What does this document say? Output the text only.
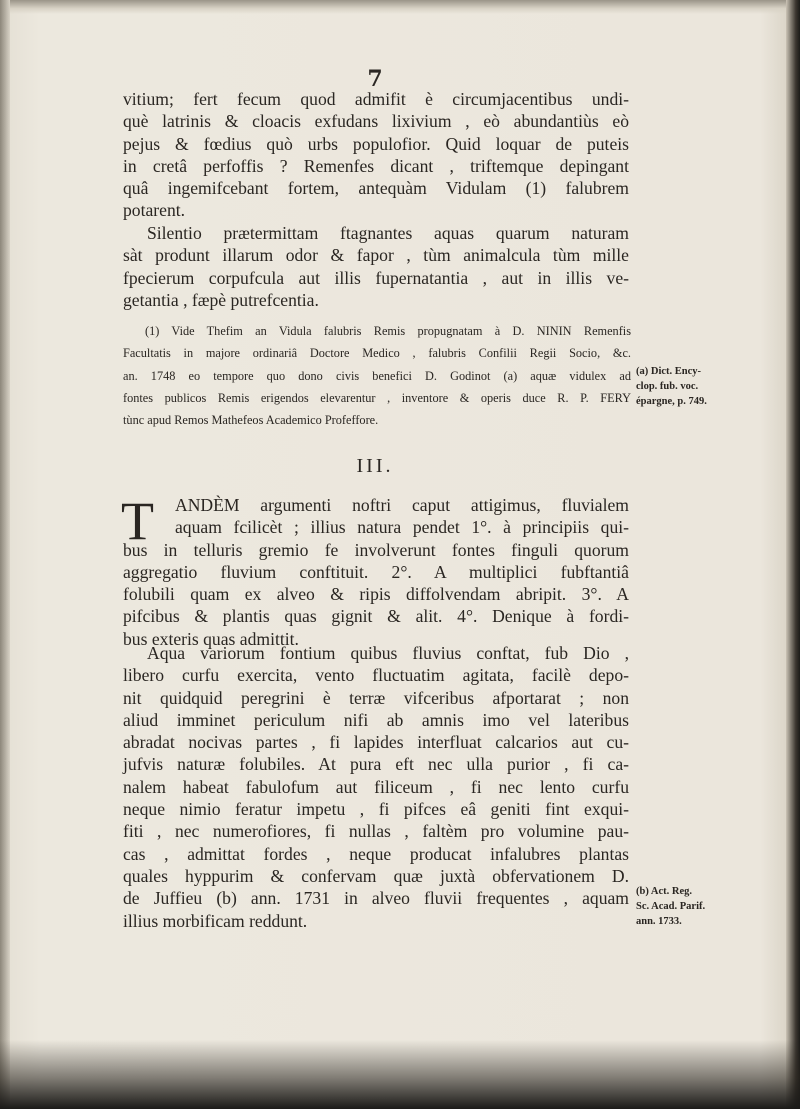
7
vitium; fert fecum quod admifit è circumjacentibus undi-
què latrinis & cloacis exfudans lixivium , eò abundantiùs eò
pejus & fœdius quò urbs populofior. Quid loquar de puteis
in cretâ perfoffis ? Remenfes dicant , triftemque depingant
quâ ingemifcebant fortem, antequàm Vidulam (1) falubrem
potarent.
Silentio prætermittam ftagnantes aquas quarum naturam
sàt produnt illarum odor & fapor , tùm animalcula tùm mille
fpecierum corpufcula aut illis fupernatantia , aut in illis ve-
getantia , fæpè putrefcentia.
(1) Vide Thefim an Vidula falubris Remis propugnatam à D. NININ Remenfis
Facultatis in majore ordinariâ Doctore Medico , falubris Confilii Regii Socio, &c.
an. 1748 eo tempore quo dono civis benefici D. Godinot (a) aquæ vidulex ad
fontes publicos Remis erigendos elevarentur , inventore & operis duce R. P. FERY
tùnc apud Remos Mathefeos Academico Profeffore.
(a) Dict. Ency-
clop. fub. voc.
épargne, p. 749.
III.
T	ANDÈM argumenti noftri caput attigimus, fluvialem
aquam fcilicèt ; illius natura pendet 1°. à principiis qui-
bus in telluris gremio fe involverunt fontes finguli quorum
aggregatio fluvium conftituit. 2°. A multiplici fubftantiâ
folubili quam ex alveo & ripis diffolvendam abripit. 3°. A
pifcibus & plantis quas gignit & alit. 4°. Denique à fordi-
bus exteris quas admittit.
Aqua variorum fontium quibus fluvius conftat, fub Dio ,
libero curfu exercita, vento fluctuatim agitata, facilè depo-
nit quidquid peregrini è terræ vifceribus afportarat ; non
aliud imminet periculum nifi ab amnis imo vel lateribus
abradat nocivas partes , fi lapides interfluat calcarios aut cu-
jufvis naturæ folubiles. At pura eft nec ulla purior , fi ca-
nalem habeat fabulofum aut filiceum , fi nec lento curfu
neque nimio feratur impetu , fi pifces eâ geniti fint exqui-
fiti , nec numerofiores, fi nullas , faltèm pro volumine pau-
cas , admittat fordes , neque producat infalubres plantas
quales hyppurim & confervam quæ juxtà obfervationem D.
de Juffieu (b) ann. 1731 in alveo fluvii frequentes , aquam
illius morbificam reddunt.
(b) Act. Reg.
Sc. Acad. Parif.
ann. 1733.
